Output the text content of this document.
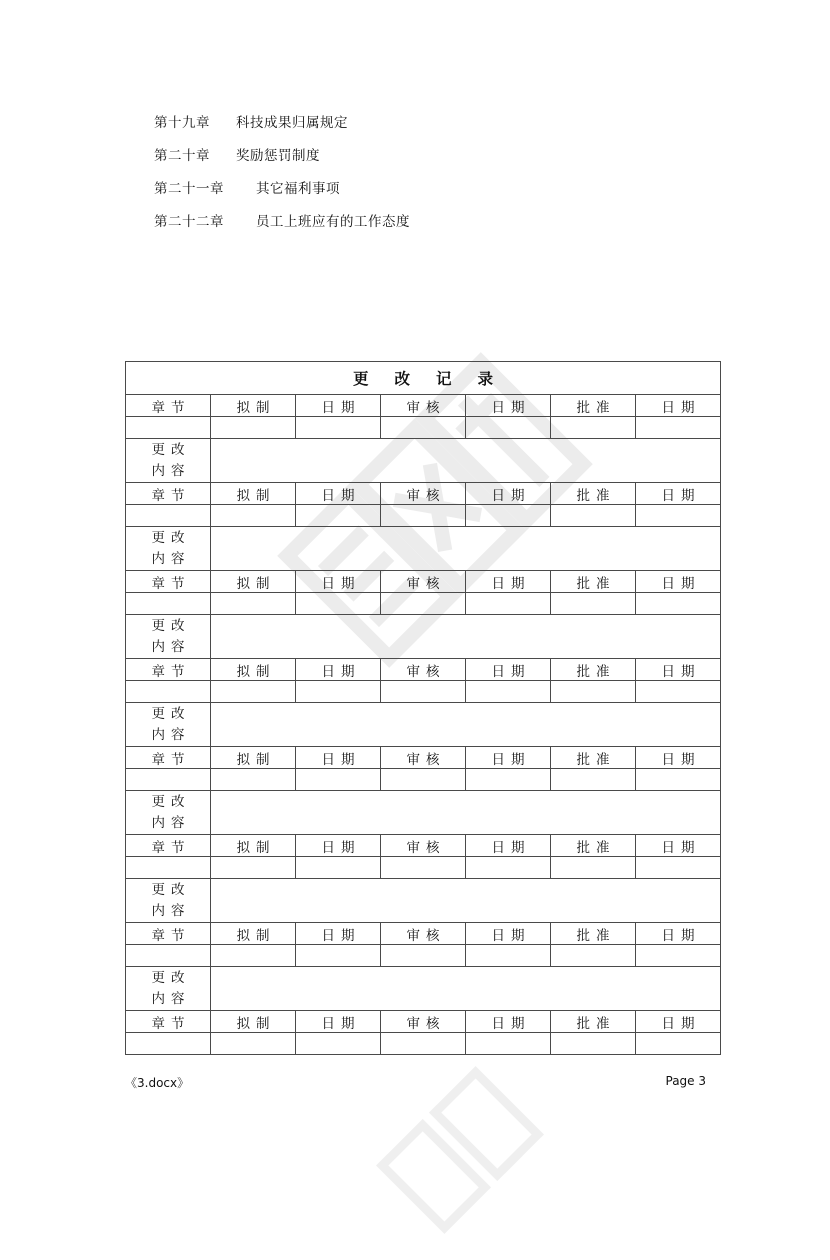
第十九章	科技成果归属规定
第二十章	奖励惩罚制度
第二十一章	其它福利事项
第二十二章	员工上班应有的工作态度
更改记录						
章节	拟制	日期	审核	日期	批准	日期

更改
内容						

章节	拟制	日期	审核	日期	批准	日期

更改
内容						

章节	拟制	日期	审核	日期	批准	日期

更改
内容						

章节	拟制	日期	审核	日期	批准	日期

更改
内容						

章节	拟制	日期	审核	日期	批准	日期

更改
内容						

章节	拟制	日期	审核	日期	批准	日期

更改
内容						

章节	拟制	日期	审核	日期	批准	日期

更改
内容						

章节	拟制	日期	审核	日期	批准	日期

《3.docx》	Page 3
